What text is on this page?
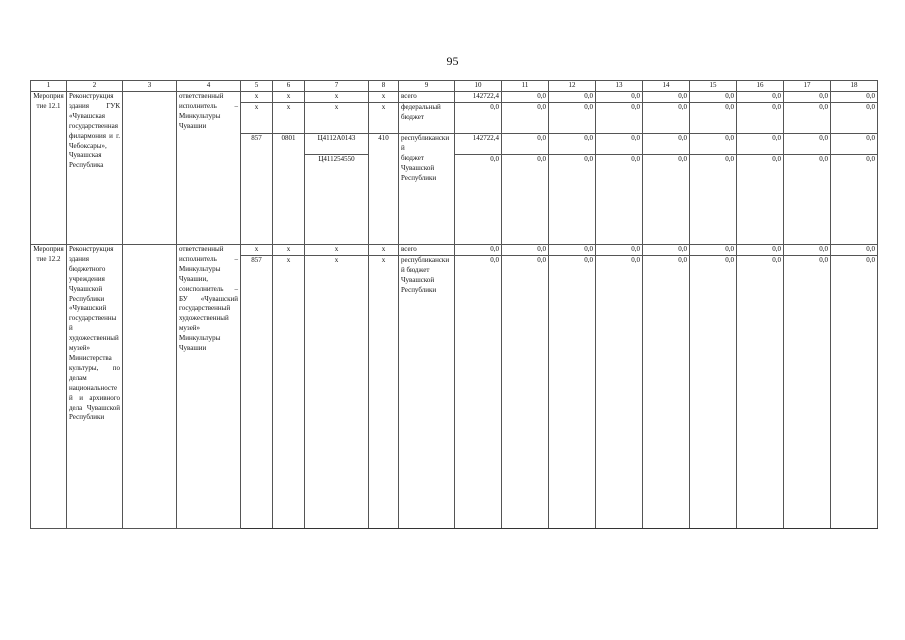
95
1	2	3	4	5	6	7	8	9	10	11	12	13	14	15	16	17	18
Мероприятие 12.1	Реконструкция здания ГУК «Чувашская государственная филармония и г. Чебоксары», Чувашская Республика		ответственный исполнитель – Минкультуры Чувашии	x	x	x	x	всего	142722,4	0,0	0,0	0,0	0,0	0,0	0,0	0,0	0,0
				x	x	x	x	федеральный бюджет	0,0	0,0	0,0	0,0	0,0	0,0	0,0	0,0	0,0
				857	0801	Ц4112А0143	410	республиканский	142722,4	0,0	0,0	0,0	0,0	0,0	0,0	0,0	0,0
						Ц411254550		бюджет Чувашской Республики	0,0	0,0	0,0	0,0	0,0	0,0	0,0	0,0	0,0
Мероприятие 12.2	Реконструкция здания бюджетного учреждения Чувашской Республики «Чувашский государственный художественный музей» Министерства культуры, по делам национальностей и архивного дела Чувашской Республики		ответственный исполнитель – Минкультуры Чувашии, соисполнитель – БУ «Чувашский государственный художественный музей» Минкультуры Чувашии	x	x	x	x	всего	0,0	0,0	0,0	0,0	0,0	0,0	0,0	0,0	0,0
				857	x	x	x	республиканский бюджет Чувашской Республики	0,0	0,0	0,0	0,0	0,0	0,0	0,0	0,0	0,0
